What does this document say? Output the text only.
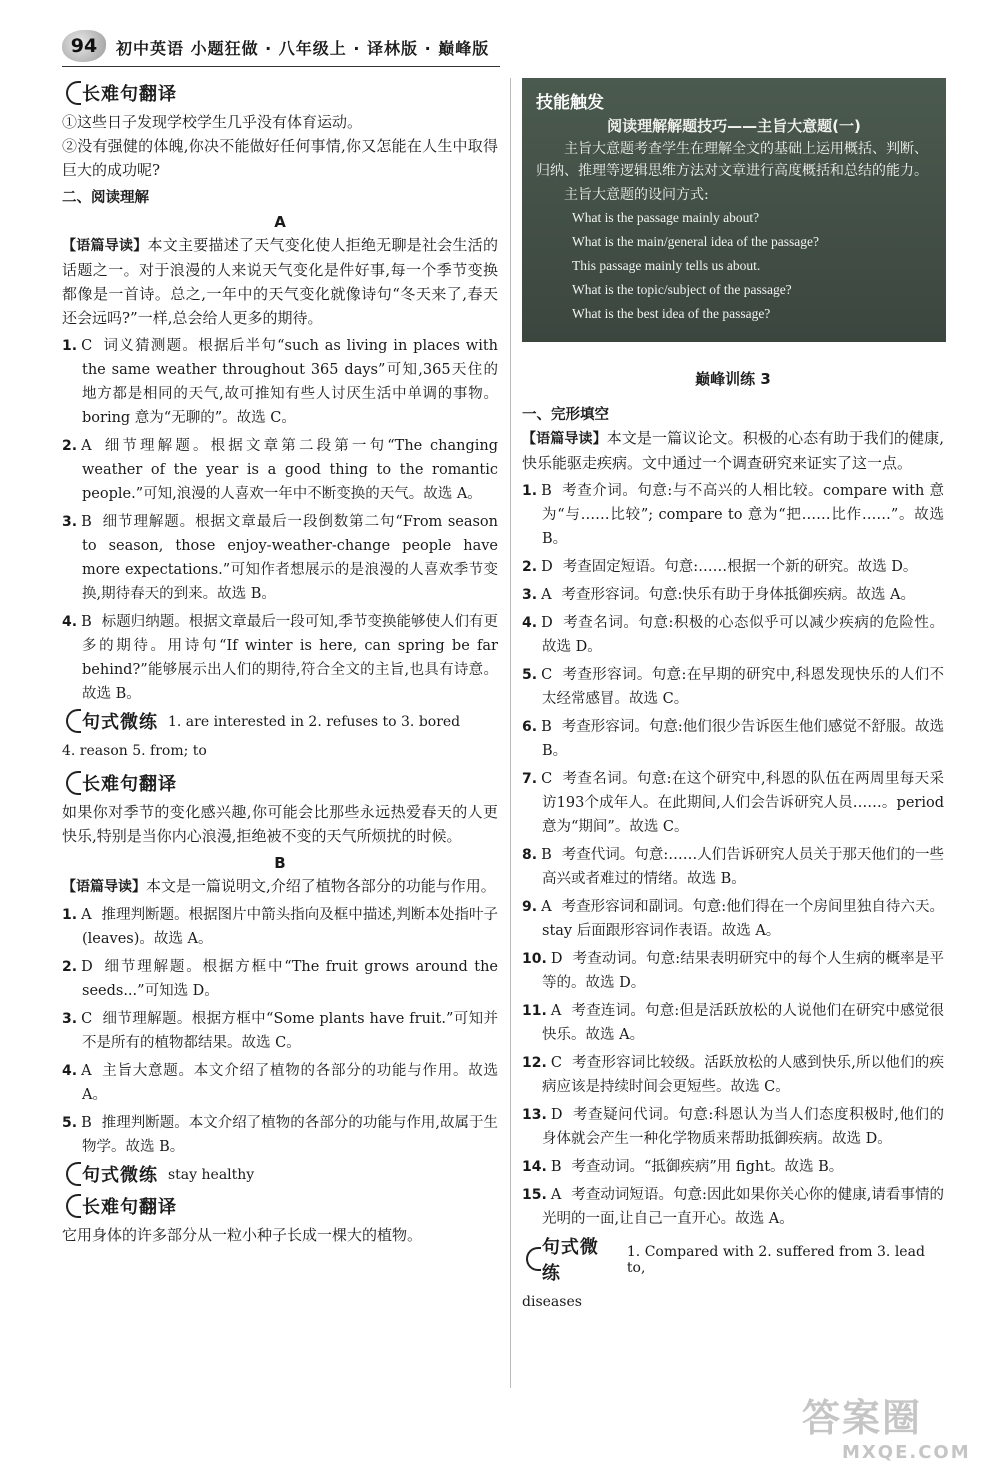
94	初中英语 小题狂做 · 八年级上 · 译林版 · 巅峰版
长难句翻译

①这些日子发现学校学生几乎没有体育运动。

②没有强健的体魄,你决不能做好任何事情,你又怎能在人生中取得巨大的成功呢?

二、阅读理解
A

【语篇导读】本文主要描述了天气变化使人拒绝无聊是社会生活的话题之一。对于浪漫的人来说天气变化是件好事,每一个季节变换都像是一首诗。总之,一年中的天气变化就像诗句“冬天来了,春天还会远吗?”一样,总会给人更多的期待。

1. C 词义猜测题。根据后半句“such as living in places with the same weather throughout 365 days”可知,365天住的地方都是相同的天气,故可推知有些人讨厌生活中单调的事物。boring 意为“无聊的”。故选 C。

2. A 细节理解题。根据文章第二段第一句“The changing weather of the year is a good thing to the romantic people.”可知,浪漫的人喜欢一年中不断变换的天气。故选 A。

3. B 细节理解题。根据文章最后一段倒数第二句“From season to season, those enjoy-weather-change people have more expectations.”可知作者想展示的是浪漫的人喜欢季节变换,期待春天的到来。故选 B。

4. B 标题归纳题。根据文章最后一段可知,季节变换能够使人们有更多的期待。用诗句“If winter is here, can spring be far behind?”能够展示出人们的期待,符合全文的主旨,也具有诗意。故选 B。

句式微练 1. are interested in 2. refuses to 3. bored

4. reason 5. from; to

长难句翻译

如果你对季节的变化感兴趣,你可能会比那些永远热爱春天的人更快乐,特别是当你内心浪漫,拒绝被不变的天气所烦扰的时候。

B

【语篇导读】本文是一篇说明文,介绍了植物各部分的功能与作用。

1. A 推理判断题。根据图片中箭头指向及框中描述,判断本处指叶子(leaves)。故选 A。

2. D 细节理解题。根据方框中“The fruit grows around the seeds...”可知选 D。

3. C 细节理解题。根据方框中“Some plants have fruit.”可知并不是所有的植物都结果。故选 C。

4. A 主旨大意题。本文介绍了植物的各部分的功能与作用。故选 A。

5. B 推理判断题。本文介绍了植物的各部分的功能与作用,故属于生物学。故选 B。

句式微练 stay healthy
长难句翻译

它用身体的许多部分从一粒小种子长成一棵大的植物。

技能触发
阅读理解解题技巧——主旨大意题(一)

主旨大意题考查学生在理解全文的基础上运用概括、判断、归纳、推理等逻辑思维方法对文章进行高度概括和总结的能力。

主旨大意题的设问方式:

What is the passage mainly about?

What is the main/general idea of the passage?

This passage mainly tells us about.

What is the topic/subject of the passage?

What is the best idea of the passage?

巅峰训练 3
一、完形填空

【语篇导读】本文是一篇议论文。积极的心态有助于我们的健康,快乐能驱走疾病。文中通过一个调查研究来证实了这一点。

1. B 考查介词。句意:与不高兴的人相比较。compare with 意为“与……比较”; compare to 意为“把……比作……”。故选 B。

2. D 考查固定短语。句意:……根据一个新的研究。故选 D。

3. A 考查形容词。句意:快乐有助于身体抵御疾病。故选 A。

4. D 考查名词。句意:积极的心态似乎可以减少疾病的危险性。故选 D。

5. C 考查形容词。句意:在早期的研究中,科恩发现快乐的人们不太经常感冒。故选 C。

6. B 考查形容词。句意:他们很少告诉医生他们感觉不舒服。故选 B。

7. C 考查名词。句意:在这个研究中,科恩的队伍在两周里每天采访193个成年人。在此期间,人们会告诉研究人员……。period 意为“期间”。故选 C。

8. B 考查代词。句意:……人们告诉研究人员关于那天他们的一些高兴或者难过的情绪。故选 B。

9. A 考查形容词和副词。句意:他们得在一个房间里独自待六天。stay 后面跟形容词作表语。故选 A。

10. D 考查动词。句意:结果表明研究中的每个人生病的概率是平等的。故选 D。

11. A 考查连词。句意:但是活跃放松的人说他们在研究中感觉很快乐。故选 A。

12. C 考查形容词比较级。活跃放松的人感到快乐,所以他们的疾病应该是持续时间会更短些。故选 C。

13. D 考查疑问代词。句意:科恩认为当人们态度积极时,他们的身体就会产生一种化学物质来帮助抵御疾病。故选 D。

14. B 考查动词。“抵御疾病”用 fight。故选 B。

15. A 考查动词短语。句意:因此如果你关心你的健康,请看事情的光明的一面,让自己一直开心。故选 A。

句式微练
1. Compared with 2. suffered from 3. lead to,

diseases

答案圈
MXQE.COM
